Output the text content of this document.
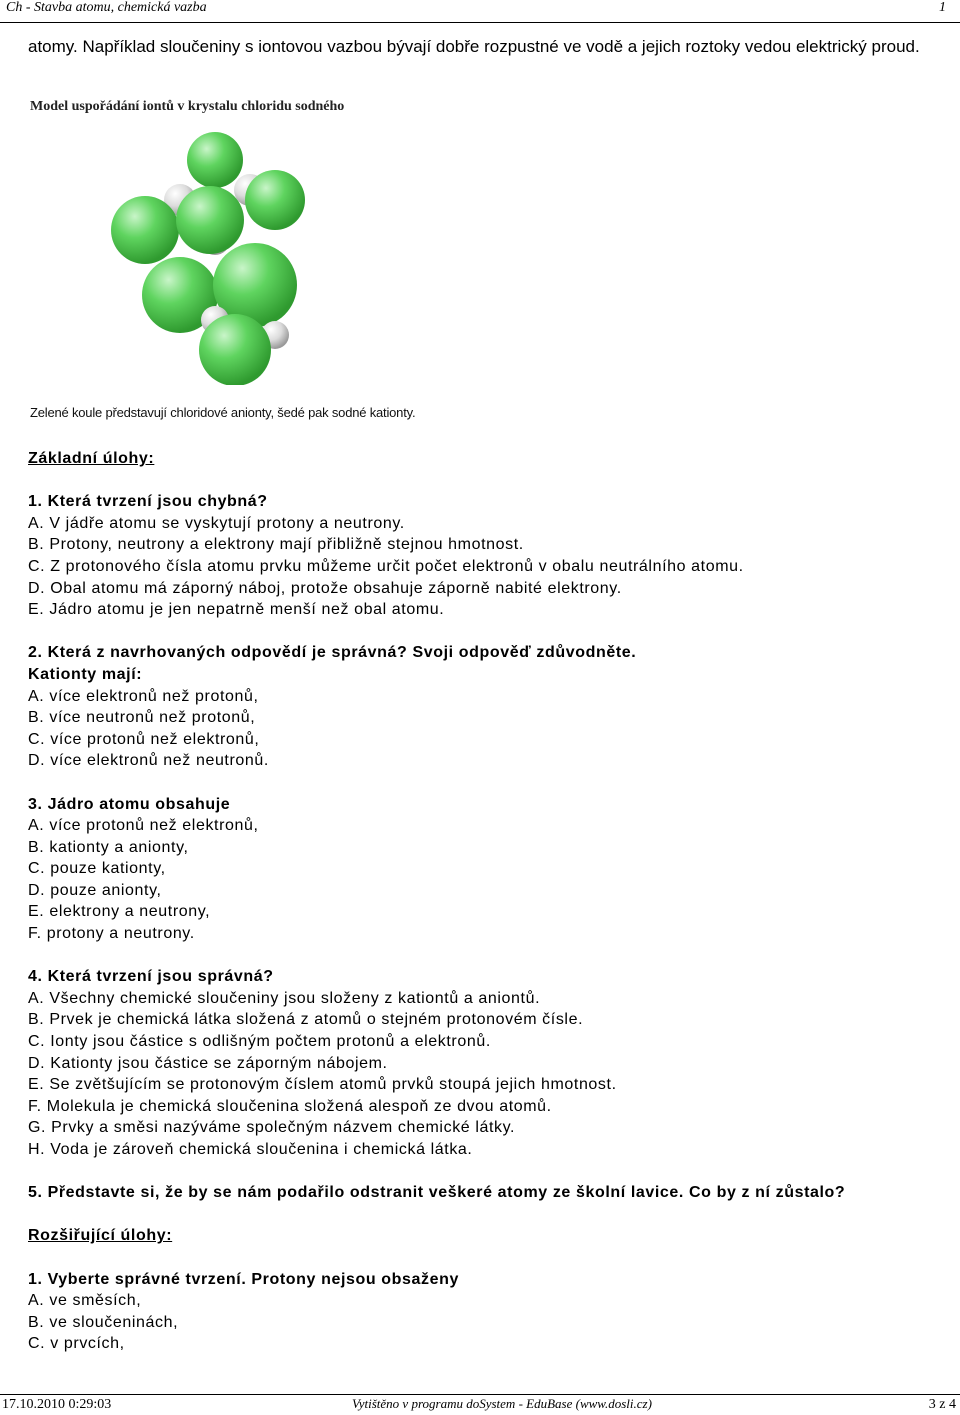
Ch - Stavba atomu, chemická vazba	1
atomy. Například sloučeniny s iontovou vazbou bývají dobře rozpustné ve vodě a jejich roztoky vedou elektrický proud.
Model uspořádání iontů v krystalu chloridu sodného
Zelené koule představují chloridové anionty, šedé pak sodné kationty.
Základní úlohy:
1. Která tvrzení jsou chybná?
A. V jádře atomu se vyskytují protony a neutrony.
B. Protony, neutrony a elektrony mají přibližně stejnou hmotnost.
C. Z protonového čísla atomu prvku můžeme určit počet elektronů v obalu neutrálního atomu.
D. Obal atomu má záporný náboj, protože obsahuje záporně nabité elektrony.
E. Jádro atomu je jen nepatrně menší než obal atomu.
2. Která z navrhovaných odpovědí je správná? Svoji odpověď zdůvodněte.
Kationty mají:
A. více elektronů než protonů,
B. více neutronů než protonů,
C. více protonů než elektronů,
D. více elektronů než neutronů.
3. Jádro atomu obsahuje
A. více protonů než elektronů,
B. kationty a anionty,
C. pouze kationty,
D. pouze anionty,
E. elektrony a neutrony,
F. protony a neutrony.
4. Která tvrzení jsou správná?
A. Všechny chemické sloučeniny jsou složeny z kationtů a aniontů.
B. Prvek je chemická látka složená z atomů o stejném protonovém čísle.
C. Ionty jsou částice s odlišným počtem protonů a elektronů.
D. Kationty jsou částice se záporným nábojem.
E. Se zvětšujícím se protonovým číslem atomů prvků stoupá jejich hmotnost.
F. Molekula je chemická sloučenina složená alespoň ze dvou atomů.
G. Prvky a směsi nazýváme společným názvem chemické látky.
H. Voda je zároveň chemická sloučenina i chemická látka.
5. Představte si, že by se nám podařilo odstranit veškeré atomy ze školní lavice. Co by z ní zůstalo?
Rozšiřující úlohy:
1. Vyberte správné tvrzení. Protony nejsou obsaženy
A. ve směsích,
B. ve sloučeninách,
C. v prvcích,
17.10.2010 0:29:03	Vytištěno v programu doSystem - EduBase (www.dosli.cz)	3 z 4
